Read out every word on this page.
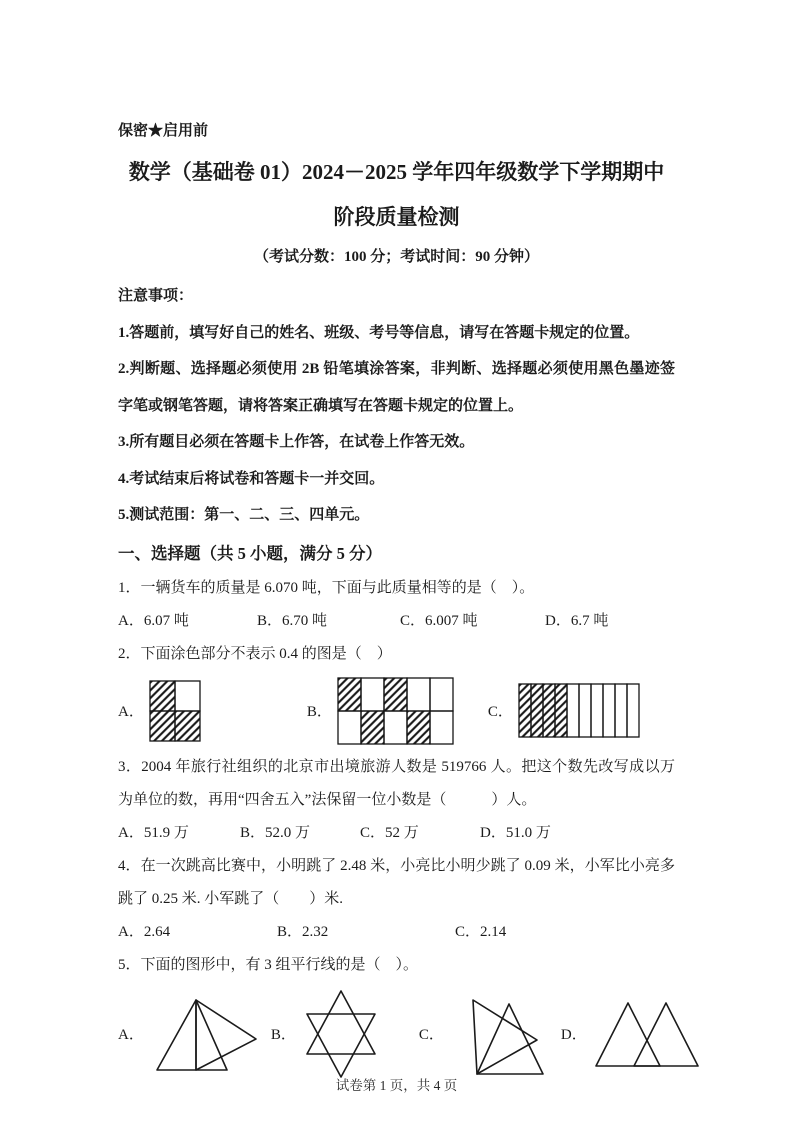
保密★启用前
数学（基础卷 01）2024－2025 学年四年级数学下学期期中
阶段质量检测
（考试分数：100 分；考试时间：90 分钟）

注意事项：

1.答题前，填写好自己的姓名、班级、考号等信息，请写在答题卡规定的位置。

2.判断题、选择题必须使用 2B 铅笔填涂答案，非判断、选择题必须使用黑色墨迹签字笔或钢笔答题，请将答案正确填写在答题卡规定的位置上。

3.所有题目必须在答题卡上作答，在试卷上作答无效。

4.考试结束后将试卷和答题卡一并交回。

5.测试范围：第一、二、三、四单元。

一、选择题（共 5 小题，满分 5 分）

1．一辆货车的质量是 6.070 吨，下面与此质量相等的是（　）。

A．6.07 吨	B．6.70 吨	C．6.007 吨	D．6.7 吨

2．下面涂色部分不表示 0.4 的图是（　）

A．	B．	C．

3．2004 年旅行社组织的北京市出境旅游人数是 519766 人。把这个数先改写成以万为单位的数，再用“四舍五入”法保留一位小数是（　　　）人。

A．51.9 万	B．52.0 万	C．52 万	D．51.0 万

4．在一次跳高比赛中，小明跳了 2.48 米，小亮比小明少跳了 0.09 米，小军比小亮多跳了 0.25 米. 小军跳了（　　）米.

A．2.64	B．2.32	C．2.14

5．下面的图形中，有 3 组平行线的是（　）。

A．	B．	C．	D．
试卷第 1 页，共 4 页
